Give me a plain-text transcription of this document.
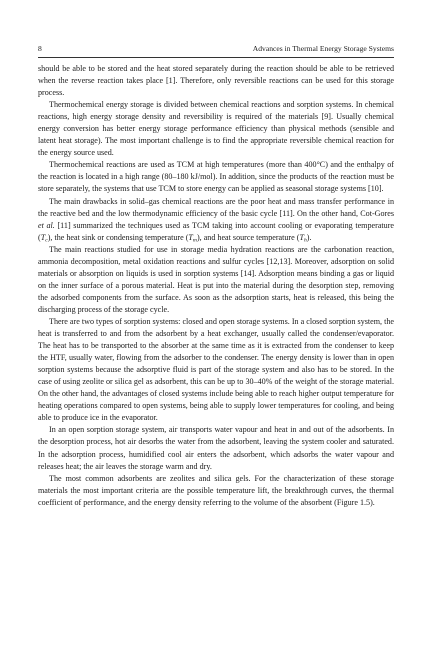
8	Advances in Thermal Energy Storage Systems

should be able to be stored and the heat stored separately during the reaction should be able to be retrieved when the reverse reaction takes place [1]. Therefore, only reversible reactions can be used for this storage process.

Thermochemical energy storage is divided between chemical reactions and sorption systems. In chemical reactions, high energy storage density and reversibility is required of the materials [9]. Usually chemical energy conversion has better energy storage performance efficiency than physical methods (sensible and latent heat storage). The most important challenge is to find the appropriate reversible chemical reaction for the energy source used.

Thermochemical reactions are used as TCM at high temperatures (more than 400°C) and the enthalpy of the reaction is located in a high range (80–180 kJ/mol). In addition, since the products of the reaction must be store separately, the systems that use TCM to store energy can be applied as seasonal storage systems [10].

The main drawbacks in solid–gas chemical reactions are the poor heat and mass transfer performance in the reactive bed and the low thermodynamic efficiency of the basic cycle [11]. On the other hand, Cot-Gores et al. [11] summarized the techniques used as TCM taking into account cooling or evaporating temperature $(T_c)$, the heat sink or condensing temperature $(T_m)$, and heat source temperature $(T_h)$.

The main reactions studied for use in storage media hydration reactions are the carbonation reaction, ammonia decomposition, metal oxidation reactions and sulfur cycles [12,13]. Moreover, adsorption on solid materials or absorption on liquids is used in sorption systems [14]. Adsorption means binding a gas or liquid on the inner surface of a porous material. Heat is put into the material during the desorption step, removing the adsorbed components from the surface. As soon as the adsorption starts, heat is released, this being the discharging process of the storage cycle.

There are two types of sorption systems: closed and open storage systems. In a closed sorption system, the heat is transferred to and from the adsorbent by a heat exchanger, usually called the condenser/evaporator. The heat has to be transported to the absorber at the same time as it is extracted from the condenser to keep the HTF, usually water, flowing from the adsorber to the condenser. The energy density is lower than in open sorption systems because the adsorptive fluid is part of the storage system and also has to be stored. In the case of using zeolite or silica gel as adsorbent, this can be up to 30–40% of the weight of the storage material. On the other hand, the advantages of closed systems include being able to reach higher output temperature for heating operations compared to open systems, being able to supply lower temperatures for cooling, and being able to produce ice in the evaporator.

In an open sorption storage system, air transports water vapour and heat in and out of the adsorbents. In the desorption process, hot air desorbs the water from the adsorbent, leaving the system cooler and saturated. In the adsorption process, humidified cool air enters the adsorbent, which adsorbs the water vapour and releases heat; the air leaves the storage warm and dry.

The most common adsorbents are zeolites and silica gels. For the characterization of these storage materials the most important criteria are the possible temperature lift, the breakthrough curves, the thermal coefficient of performance, and the energy density referring to the volume of the absorbent (Figure 1.5).
